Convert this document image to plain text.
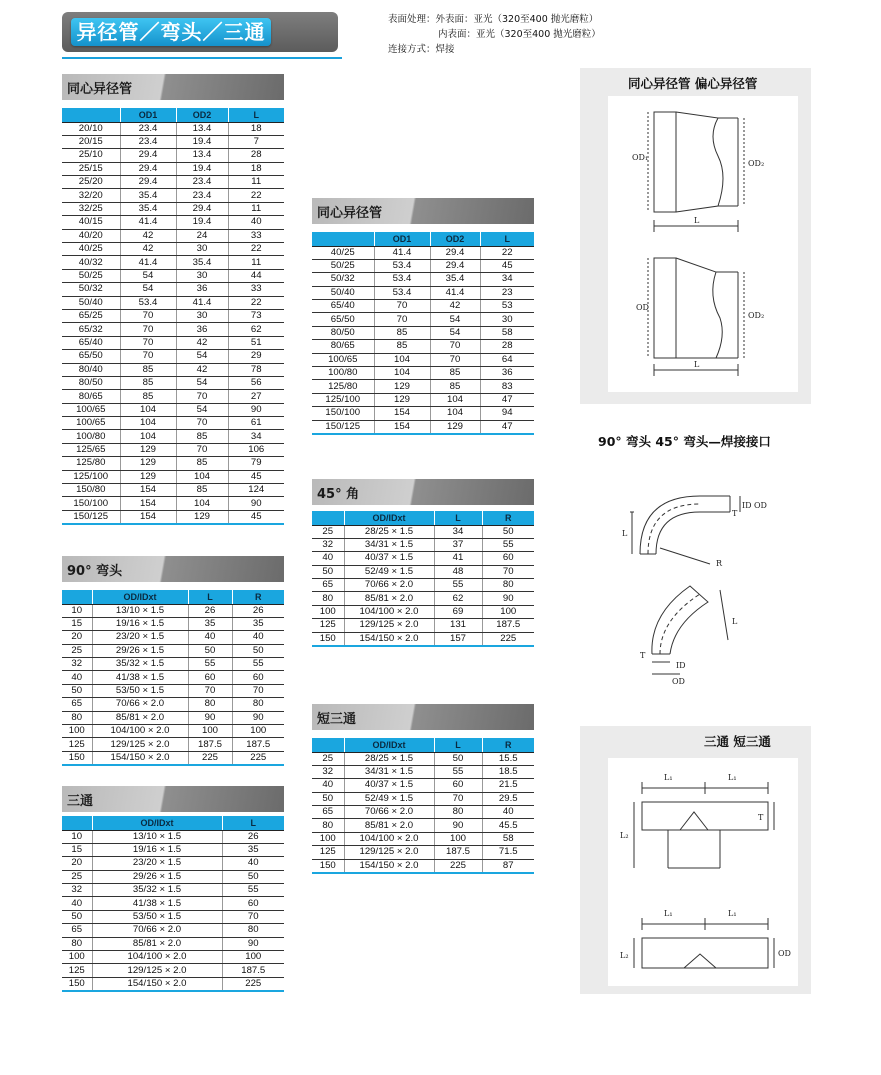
异径管／弯头／三通
表面处理：外表面：亚光（320至400 抛光磨粒）
内表面：亚光（320至400 抛光磨粒）
连接方式：焊接
同心异径管
90° 弯头
三通
同心异径管
45° 角
短三通
	OD1	OD2	L
20/10	23.4	13.4	18
20/15	23.4	19.4	7
25/10	29.4	13.4	28
25/15	29.4	19.4	18
25/20	29.4	23.4	11
32/20	35.4	23.4	22
32/25	35.4	29.4	11
40/15	41.4	19.4	40
40/20	42	24	33
40/25	42	30	22
40/32	41.4	35.4	11
50/25	54	30	44
50/32	54	36	33
50/40	53.4	41.4	22
65/25	70	30	73
65/32	70	36	62
65/40	70	42	51
65/50	70	54	29
80/40	85	42	78
80/50	85	54	56
80/65	85	70	27
100/65	104	54	90
100/65	104	70	61
100/80	104	85	34
125/65	129	70	106
125/80	129	85	79
125/100	129	104	45
150/80	154	85	124
150/100	154	104	90
150/125	154	129	45
	OD/IDxt	L	R
10	13/10 × 1.5	26	26
15	19/16 × 1.5	35	35
20	23/20 × 1.5	40	40
25	29/26 × 1.5	50	50
32	35/32 × 1.5	55	55
40	41/38 × 1.5	60	60
50	53/50 × 1.5	70	70
65	70/66 × 2.0	80	80
80	85/81 × 2.0	90	90
100	104/100 × 2.0	100	100
125	129/125 × 2.0	187.5	187.5
150	154/150 × 2.0	225	225
	OD/IDxt	L
10	13/10 × 1.5	26
15	19/16 × 1.5	35
20	23/20 × 1.5	40
25	29/26 × 1.5	50
32	35/32 × 1.5	55
40	41/38 × 1.5	60
50	53/50 × 1.5	70
65	70/66 × 2.0	80
80	85/81 × 2.0	90
100	104/100 × 2.0	100
125	129/125 × 2.0	187.5
150	154/150 × 2.0	225
	OD1	OD2	L
40/25	41.4	29.4	22
50/25	53.4	29.4	45
50/32	53.4	35.4	34
50/40	53.4	41.4	23
65/40	70	42	53
65/50	70	54	30
80/50	85	54	58
80/65	85	70	28
100/65	104	70	64
100/80	104	85	36
125/80	129	85	83
125/100	129	104	47
150/100	154	104	94
150/125	154	129	47
	OD/IDxt	L	R
25	28/25 × 1.5	34	50
32	34/31 × 1.5	37	55
40	40/37 × 1.5	41	60
50	52/49 × 1.5	48	70
65	70/66 × 2.0	55	80
80	85/81 × 2.0	62	90
100	104/100 × 2.0	69	100
125	129/125 × 2.0	131	187.5
150	154/150 × 2.0	157	225
	OD/IDxt	L	R
25	28/25 × 1.5	50	15.5
32	34/31 × 1.5	55	18.5
40	40/37 × 1.5	60	21.5
50	52/49 × 1.5	70	29.5
65	70/66 × 2.0	80	40
80	85/81 × 2.0	90	45.5
100	104/100 × 2.0	100	58
125	129/125 × 2.0	187.5	71.5
150	154/150 × 2.0	225	87
同心异径管 偏心异径管
OD₁
OD₂
L
OD
OD₂
L
90° 弯头 45° 弯头—焊接接口
L
R
T
ID OD
L
T
ID
OD
三通 短三通
L₁	L₁
L₂
T
L₁	L₁
L₂	OD
